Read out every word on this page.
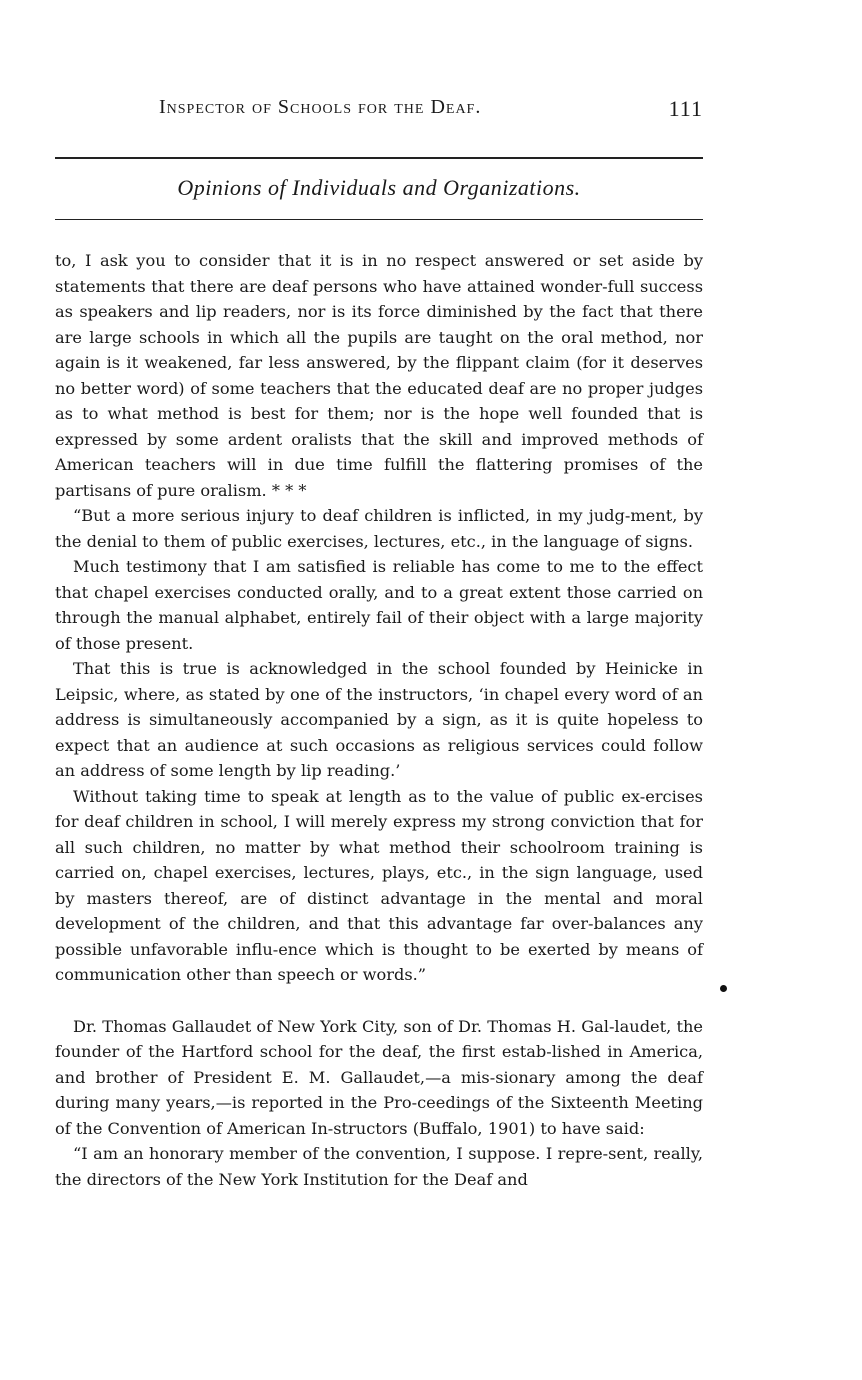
Inspector of Schools for the Deaf.	111
Opinions of Individuals and Organizations.

to, I ask you to consider that it is in no respect answered or set aside by statements that there are deaf persons who have attained wonder-full success as speakers and lip readers, nor is its force diminished by the fact that there are large schools in which all the pupils are taught on the oral method, nor again is it weakened, far less answered, by the flippant claim (for it deserves no better word) of some teachers that the educated deaf are no proper judges as to what method is best for them; nor is the hope well founded that is expressed by some ardent oralists that the skill and improved methods of American teachers will in due time fulfill the flattering promises of the partisans of pure oralism. * * *

“But a more serious injury to deaf children is inflicted, in my judg-ment, by the denial to them of public exercises, lectures, etc., in the language of signs.

Much testimony that I am satisfied is reliable has come to me to the effect that chapel exercises conducted orally, and to a great extent those carried on through the manual alphabet, entirely fail of their object with a large majority of those present.

That this is true is acknowledged in the school founded by Heinicke in Leipsic, where, as stated by one of the instructors, ‘in chapel every word of an address is simultaneously accompanied by a sign, as it is quite hopeless to expect that an audience at such occasions as religious services could follow an address of some length by lip reading.’

Without taking time to speak at length as to the value of public ex-ercises for deaf children in school, I will merely express my strong conviction that for all such children, no matter by what method their schoolroom training is carried on, chapel exercises, lectures, plays, etc., in the sign language, used by masters thereof, are of distinct advantage in the mental and moral development of the children, and that this advantage far over-balances any possible unfavorable influ-ence which is thought to be exerted by means of communication other than speech or words.”

Dr. Thomas Gallaudet of New York City, son of Dr. Thomas H. Gal-laudet, the founder of the Hartford school for the deaf, the first estab-lished in America, and brother of President E. M. Gallaudet,—a mis-sionary among the deaf during many years,—is reported in the Pro-ceedings of the Sixteenth Meeting of the Convention of American In-structors (Buffalo, 1901) to have said:

“I am an honorary member of the convention, I suppose. I repre-sent, really, the directors of the New York Institution for the Deaf and
